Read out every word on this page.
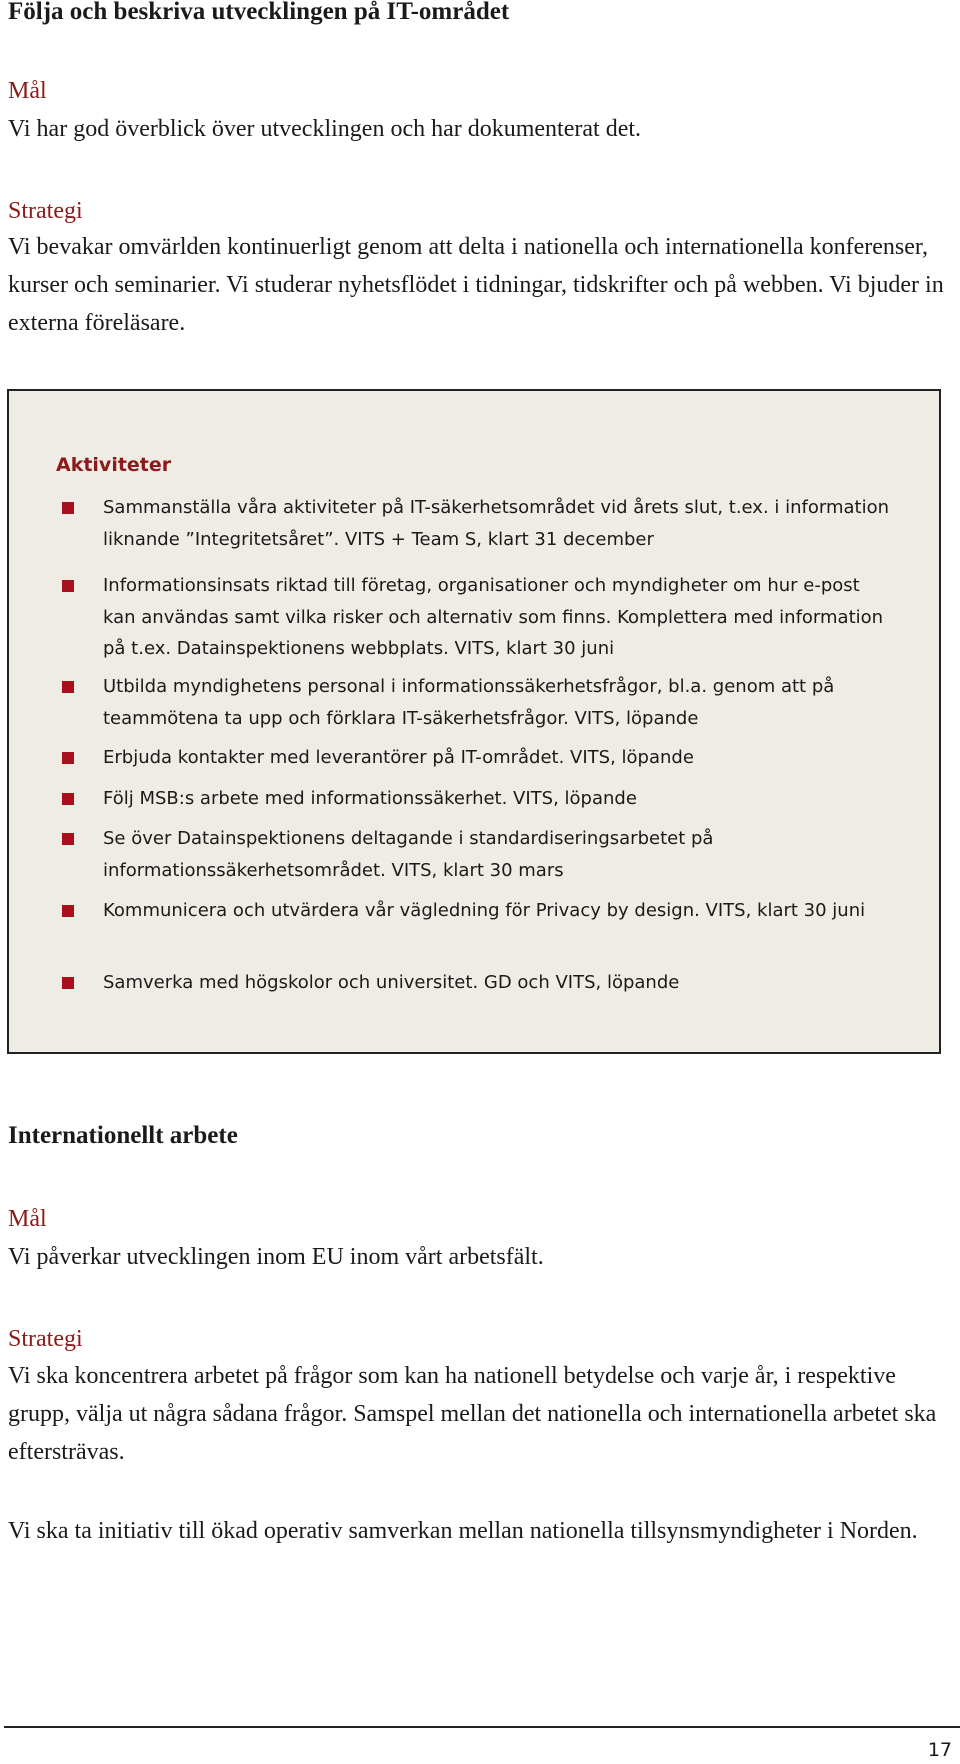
Följa och beskriva utvecklingen på IT-området

Mål

Vi har god överblick över utvecklingen och har dokumenterat det.

Strategi

Vi bevakar omvärlden kontinuerligt genom att delta i nationella och internationella konferenser, kurser och seminarier. Vi studerar nyhetsflödet i tidningar, tidskrifter och på webben. Vi bjuder in externa föreläsare.

Aktiviteter

Sammanställa våra aktiviteter på IT-säkerhetsområdet vid årets slut, t.ex. i information liknande ”Integritetsåret”. VITS + Team S, klart 31 december
Informationsinsats riktad till företag, organisationer och myndigheter om hur e-post kan användas samt vilka risker och alternativ som finns. Komplettera med information på t.ex. Datainspektionens webbplats. VITS, klart 30 juni
Utbilda myndighetens personal i informationssäkerhetsfrågor, bl.a. genom att på teammötena ta upp och förklara IT-säkerhetsfrågor. VITS, löpande
Erbjuda kontakter med leverantörer på IT-området. VITS, löpande
Följ MSB:s arbete med informationssäkerhet. VITS, löpande
Se över Datainspektionens deltagande i standardiseringsarbetet på informationssäkerhetsområdet. VITS, klart 30 mars
Kommunicera och utvärdera vår vägledning för Privacy by design. VITS, klart 30 juni
Samverka med högskolor och universitet. GD och VITS, löpande
Internationellt arbete

Mål

Vi påverkar utvecklingen inom EU inom vårt arbetsfält.

Strategi

Vi ska koncentrera arbetet på frågor som kan ha nationell betydelse och varje år, i respektive grupp, välja ut några sådana frågor. Samspel mellan det nationella och internationella arbetet ska eftersträvas.

Vi ska ta initiativ till ökad operativ samverkan mellan nationella tillsynsmyndigheter i Norden.

17
